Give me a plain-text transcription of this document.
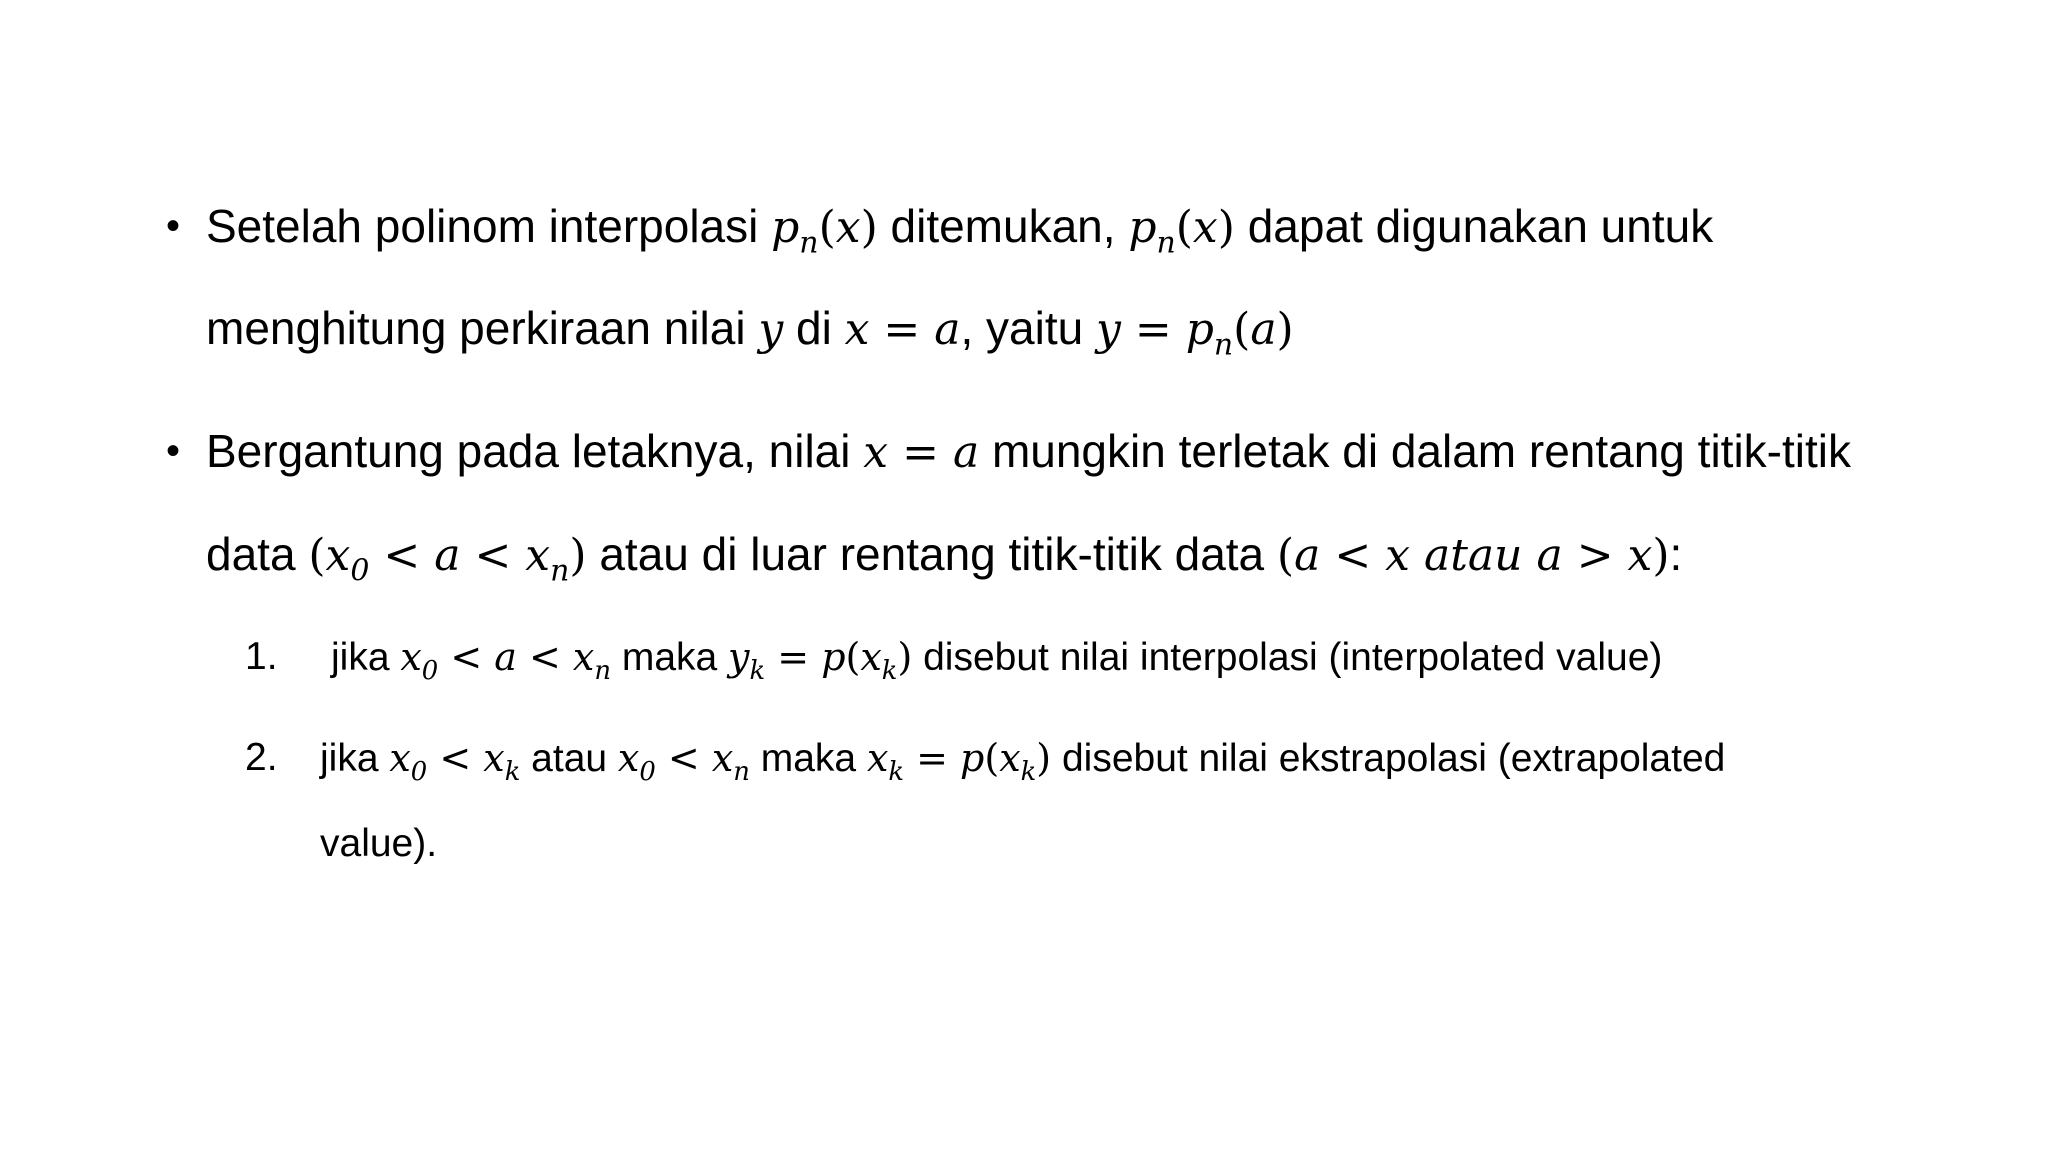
• Setelah polinom interpolasi $p_n(x)$ ditemukan, $p_n(x)$ dapat digunakan untuk
menghitung perkiraan nilai y di x = a, yaitu $y = p_n(a)$
• Bergantung pada letaknya, nilai x = a mungkin terletak di dalam rentang titik-titik
data $(x_0 < a < x_n)$ atau di luar rentang titik-titik data (a < x atau a > x):
1. jika $x_0 < a < x_n$ maka $y_k = p(x_k)$ disebut nilai interpolasi (interpolated value)
2. jika $x_0 < x_k$ atau $x_0 < x_n$ maka $x_k = p(x_k)$ disebut nilai ekstrapolasi (extrapolated
value).
